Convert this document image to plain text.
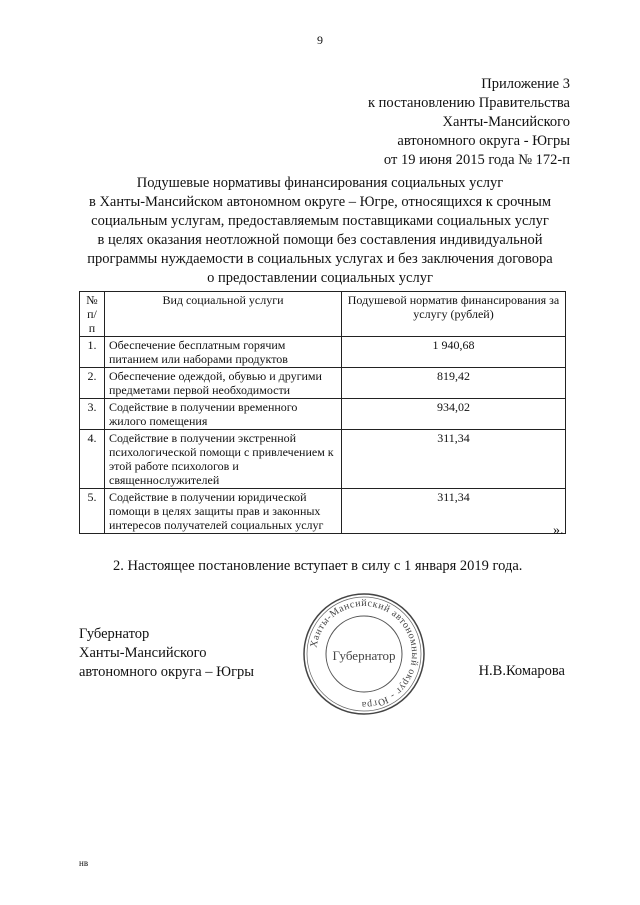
9
Приложение 3
к постановлению Правительства
Ханты-Мансийского
автономного округа - Югры
от 19 июня 2015 года № 172-п
Подушевые нормативы финансирования социальных услуг
в Ханты-Мансийском автономном округе – Югре, относящихся к срочным
социальным услугам, предоставляемым поставщиками социальных услуг
в целях оказания неотложной помощи без составления индивидуальной
программы нуждаемости в социальных услугах и без заключения договора
о предоставлении социальных услуг
№ п/п	Вид социальной услуги	Подушевой норматив финансирования за услугу (рублей)
1.	Обеспечение бесплатным горячим питанием или наборами продуктов	1 940,68
2.	Обеспечение одеждой, обувью и другими предметами первой необходимости	819,42
3.	Содействие в получении временного жилого помещения	934,02
4.	Содействие в получении экстренной психологической помощи с привлечением к этой работе психологов и священнослужителей	311,34
5.	Содействие в получении юридической помощи в целях защиты прав и законных интересов получателей социальных услуг	311,34
».
2. Настоящее постановление вступает в силу с 1 января 2019 года.
Губернатор
Ханты-Мансийского
автономного округа – Югры
Ханты-Мансийский автономный округ - Югра
Губернатор
Н.В.Комарова
нв
